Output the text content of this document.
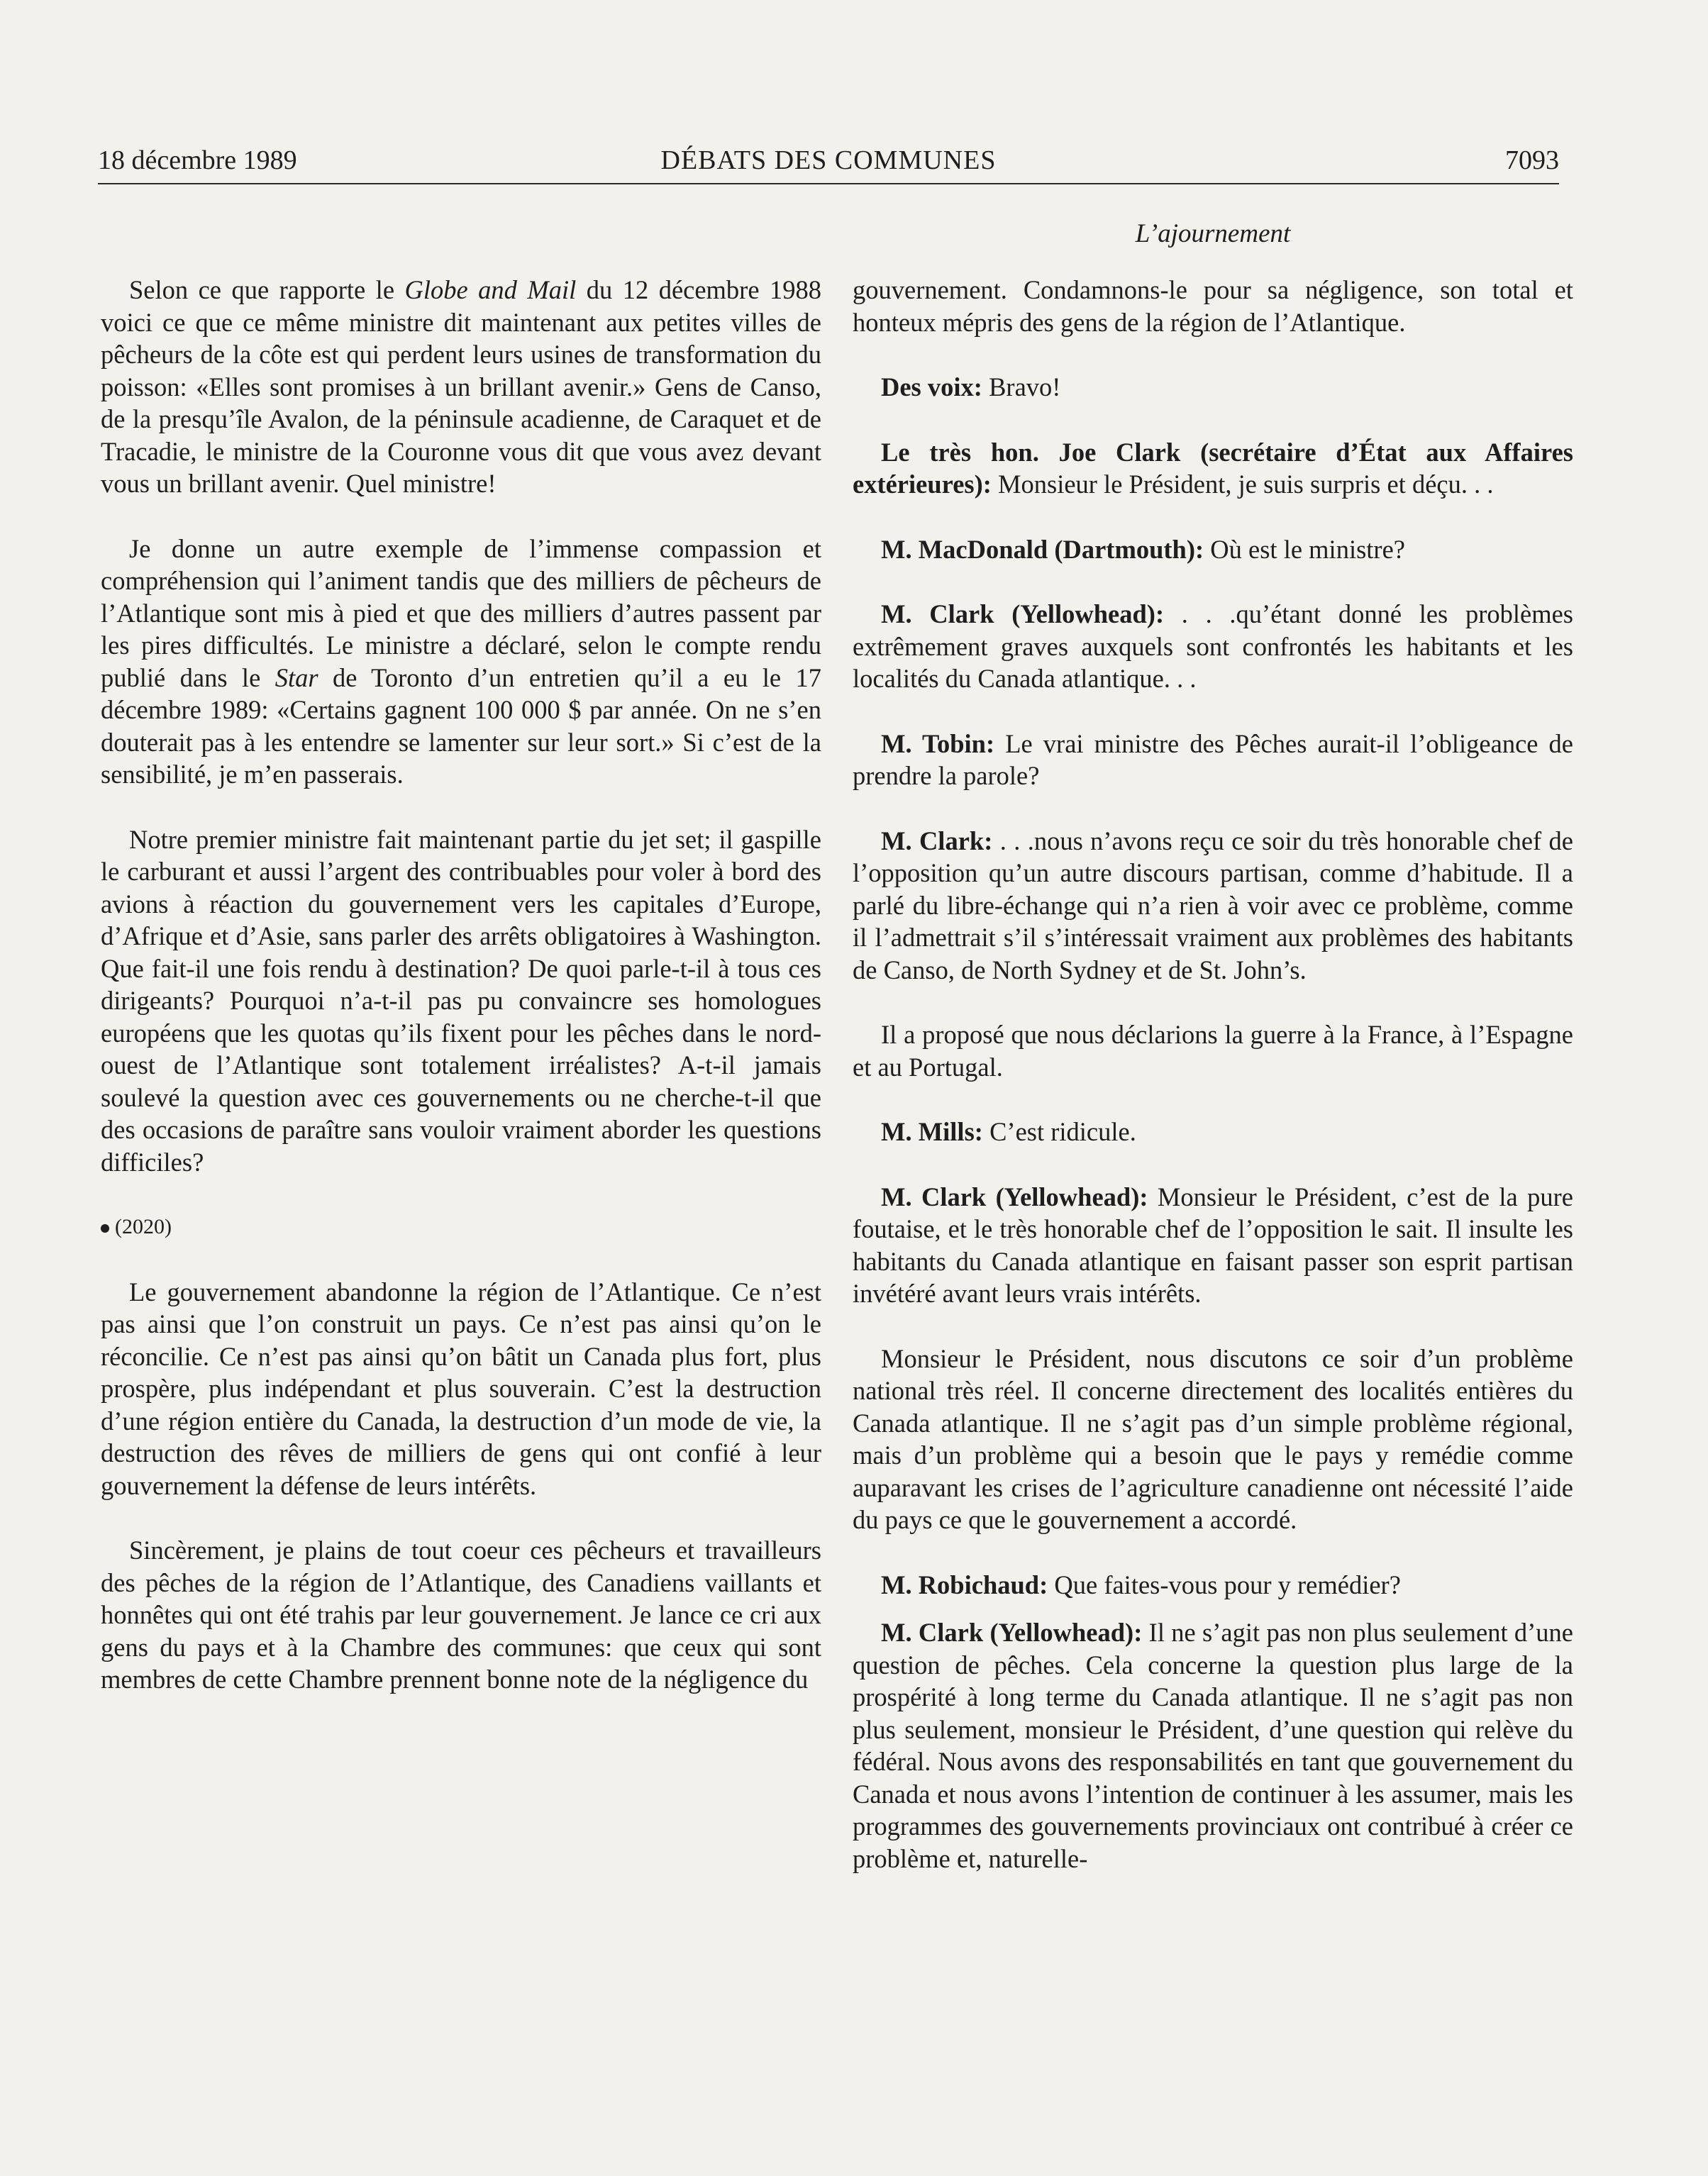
18 décembre 1989	DÉBATS DES COMMUNES	7093
L’ajournement

Selon ce que rapporte le Globe and Mail du 12 décembre 1988 voici ce que ce même ministre dit maintenant aux petites villes de pêcheurs de la côte est qui perdent leurs usines de transformation du poisson: «Elles sont promises à un brillant avenir.» Gens de Canso, de la presqu’île Avalon, de la péninsule acadienne, de Caraquet et de Tracadie, le ministre de la Couronne vous dit que vous avez devant vous un brillant avenir. Quel ministre!

Je donne un autre exemple de l’immense compassion et compréhension qui l’animent tandis que des milliers de pêcheurs de l’Atlantique sont mis à pied et que des milliers d’autres passent par les pires difficultés. Le ministre a déclaré, selon le compte rendu publié dans le Star de Toronto d’un entretien qu’il a eu le 17 décembre 1989: «Certains gagnent 100 000 $ par année. On ne s’en douterait pas à les entendre se lamenter sur leur sort.» Si c’est de la sensibilité, je m’en passerais.

Notre premier ministre fait maintenant partie du jet set; il gaspille le carburant et aussi l’argent des contribuables pour voler à bord des avions à réaction du gouvernement vers les capitales d’Europe, d’Afrique et d’Asie, sans parler des arrêts obligatoires à Washington. Que fait-il une fois rendu à destination? De quoi parle-t-il à tous ces dirigeants? Pourquoi n’a-t-il pas pu convaincre ses homologues européens que les quotas qu’ils fixent pour les pêches dans le nord-ouest de l’Atlantique sont totalement irréalistes? A-t-il jamais soulevé la question avec ces gouvernements ou ne cherche-t-il que des occasions de paraître sans vouloir vraiment aborder les questions difficiles?

(2020)

Le gouvernement abandonne la région de l’Atlantique. Ce n’est pas ainsi que l’on construit un pays. Ce n’est pas ainsi qu’on le réconcilie. Ce n’est pas ainsi qu’on bâtit un Canada plus fort, plus prospère, plus indépendant et plus souverain. C’est la destruction d’une région entière du Canada, la destruction d’un mode de vie, la destruction des rêves de milliers de gens qui ont confié à leur gouvernement la défense de leurs intérêts.

Sincèrement, je plains de tout coeur ces pêcheurs et travailleurs des pêches de la région de l’Atlantique, des Canadiens vaillants et honnêtes qui ont été trahis par leur gouvernement. Je lance ce cri aux gens du pays et à la Chambre des communes: que ceux qui sont membres de cette Chambre prennent bonne note de la négligence du

gouvernement. Condamnons-le pour sa négligence, son total et honteux mépris des gens de la région de l’Atlantique.

Des voix: Bravo!

Le très hon. Joe Clark (secrétaire d’État aux Affaires extérieures): Monsieur le Président, je suis surpris et déçu. . .

M. MacDonald (Dartmouth): Où est le ministre?

M. Clark (Yellowhead): . . .qu’étant donné les problèmes extrêmement graves auxquels sont confrontés les habitants et les localités du Canada atlantique. . .

M. Tobin: Le vrai ministre des Pêches aurait-il l’obligeance de prendre la parole?

M. Clark: . . .nous n’avons reçu ce soir du très honorable chef de l’opposition qu’un autre discours partisan, comme d’habitude. Il a parlé du libre-échange qui n’a rien à voir avec ce problème, comme il l’admettrait s’il s’intéressait vraiment aux problèmes des habitants de Canso, de North Sydney et de St. John’s.

Il a proposé que nous déclarions la guerre à la France, à l’Espagne et au Portugal.

M. Mills: C’est ridicule.

M. Clark (Yellowhead): Monsieur le Président, c’est de la pure foutaise, et le très honorable chef de l’opposition le sait. Il insulte les habitants du Canada atlantique en faisant passer son esprit partisan invétéré avant leurs vrais intérêts.

Monsieur le Président, nous discutons ce soir d’un problème national très réel. Il concerne directement des localités entières du Canada atlantique. Il ne s’agit pas d’un simple problème régional, mais d’un problème qui a besoin que le pays y remédie comme auparavant les crises de l’agriculture canadienne ont nécessité l’aide du pays ce que le gouvernement a accordé.

M. Robichaud: Que faites-vous pour y remédier?

M. Clark (Yellowhead): Il ne s’agit pas non plus seulement d’une question de pêches. Cela concerne la question plus large de la prospérité à long terme du Canada atlantique. Il ne s’agit pas non plus seulement, monsieur le Président, d’une question qui relève du fédéral. Nous avons des responsabilités en tant que gouvernement du Canada et nous avons l’intention de continuer à les assumer, mais les programmes des gouvernements provinciaux ont contribué à créer ce problème et, naturelle-
